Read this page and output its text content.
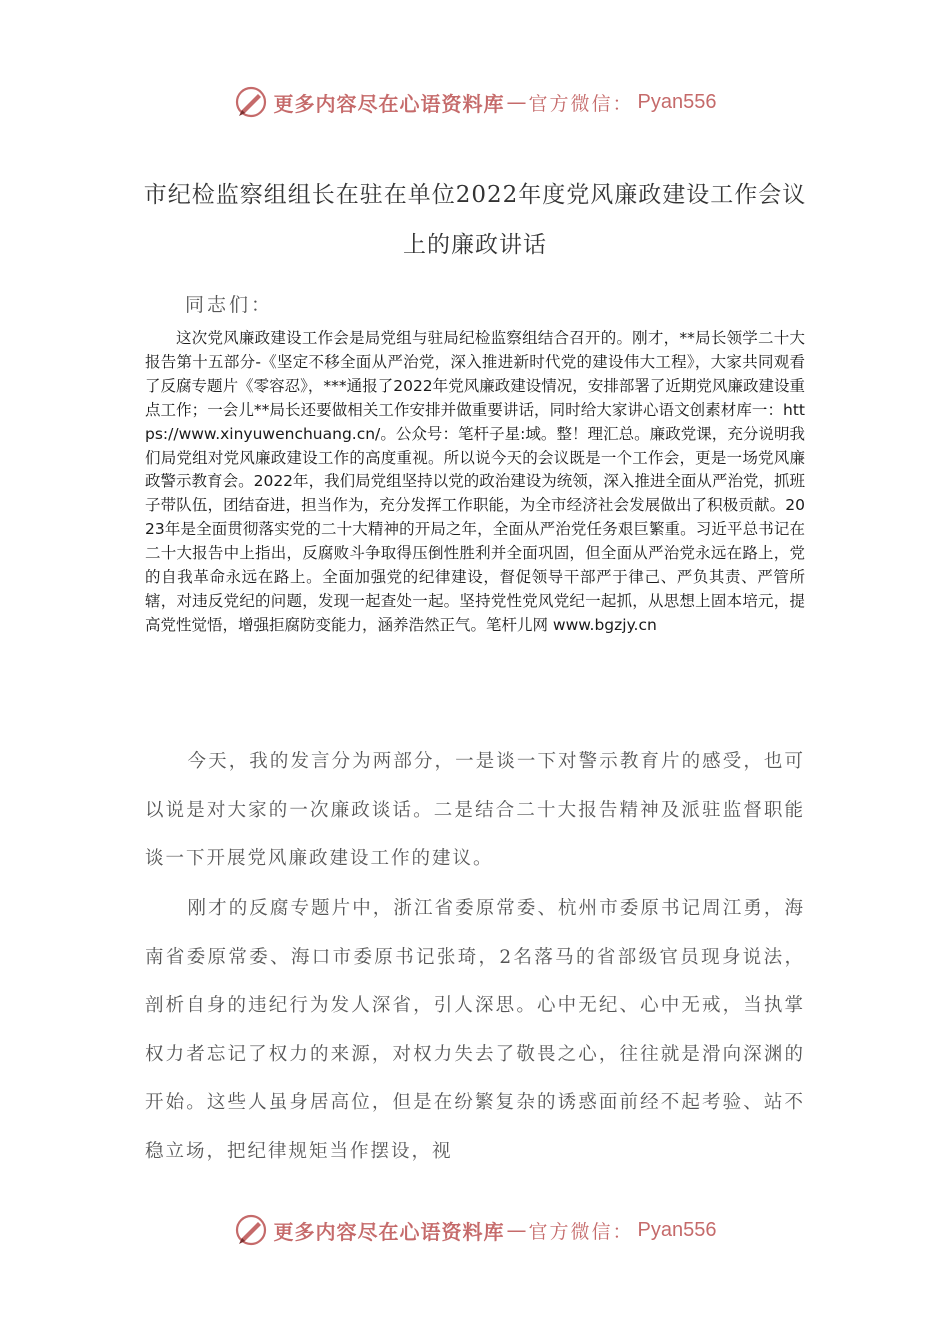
更多内容尽在心语资料库 — 官方微信： Pyan556
市纪检监察组组长在驻在单位2022年度党风廉政建设工作会议上的廉政讲话
同志们：
这次党风廉政建设工作会是局党组与驻局纪检监察组结合召开的。刚才，**局长领学二十大报告第十五部分-《坚定不移全面从严治党，深入推进新时代党的建设伟大工程》，大家共同观看了反腐专题片《零容忍》，***通报了2022年党风廉政建设情况，安排部署了近期党风廉政建设重点工作；一会儿**局长还要做相关工作安排并做重要讲话，同时给大家讲心语文创素材库一：https://www.xinyuwenchuang.cn/。公众号：笔杆子星:域。整！理汇总。廉政党课，充分说明我们局党组对党风廉政建设工作的高度重视。所以说今天的会议既是一个工作会，更是一场党风廉政警示教育会。2022年，我们局党组坚持以党的政治建设为统领，深入推进全面从严治党，抓班子带队伍，团结奋进，担当作为，充分发挥工作职能，为全市经济社会发展做出了积极贡献。2023年是全面贯彻落实党的二十大精神的开局之年，全面从严治党任务艰巨繁重。习近平总书记在二十大报告中上指出，反腐败斗争取得压倒性胜利并全面巩固，但全面从严治党永远在路上，党的自我革命永远在路上。全面加强党的纪律建设，督促领导干部严于律己、严负其责、严管所辖，对违反党纪的问题，发现一起查处一起。坚持党性党风党纪一起抓，从思想上固本培元，提高党性觉悟，增强拒腐防变能力，涵养浩然正气。笔杆儿网 www.bgzjy.cn
今天，我的发言分为两部分，一是谈一下对警示教育片的感受，也可以说是对大家的一次廉政谈话。二是结合二十大报告精神及派驻监督职能谈一下开展党风廉政建设工作的建议。
刚才的反腐专题片中，浙江省委原常委、杭州市委原书记周江勇，海南省委原常委、海口市委原书记张琦，2名落马的省部级官员现身说法，剖析自身的违纪行为发人深省，引人深思。心中无纪、心中无戒，当执掌权力者忘记了权力的来源，对权力失去了敬畏之心，往往就是滑向深渊的开始。这些人虽身居高位，但是在纷繁复杂的诱惑面前经不起考验、站不稳立场，把纪律规矩当作摆设，视
更多内容尽在心语资料库 — 官方微信： Pyan556
